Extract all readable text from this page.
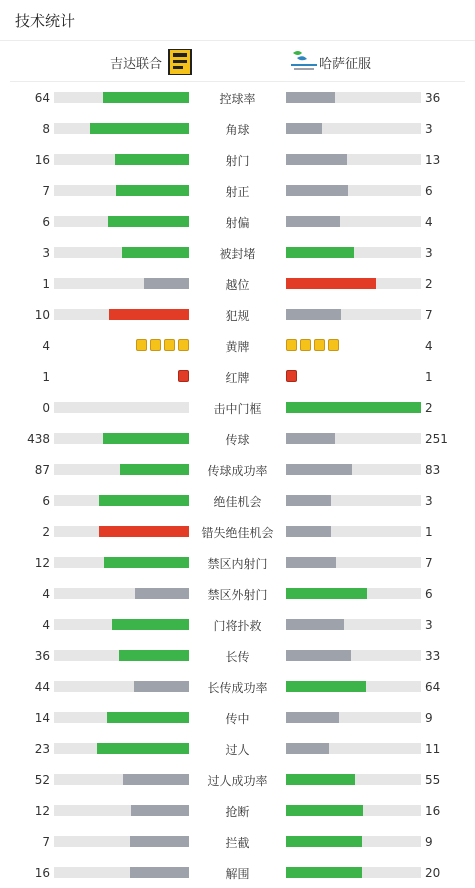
技术统计
吉达联合	哈萨征服
64	控球率	36
8	角球	3
16	射门	13
7	射正	6
6	射偏	4
3	被封堵	3
1	越位	2
10	犯规	7
4	黄牌	4
1	红牌	1
0	击中门框	2
438	传球	251
87	传球成功率	83
6	绝佳机会	3
2	错失绝佳机会	1
12	禁区内射门	7
4	禁区外射门	6
4	门将扑救	3
36	长传	33
44	长传成功率	64
14	传中	9
23	过人	11
52	过人成功率	55
12	抢断	16
7	拦截	9
16	解围	20
